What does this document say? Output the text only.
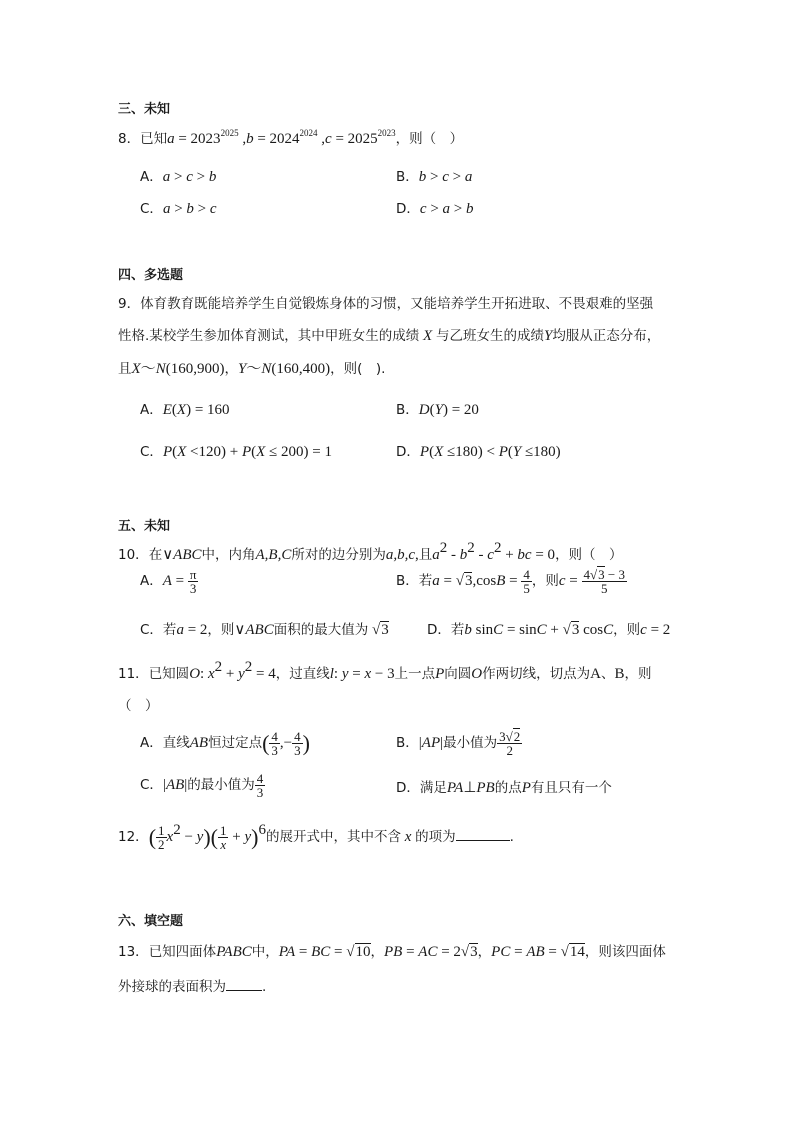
三、未知
8．已知$a = 2023^{2025}$ $,b = 2024^{2024}$ $,c = 2025^{2023}$，则（　）
A．a > c > b	B．b > c > a
C．a > b > c	D．c > a > b
四、多选题
9．体育教育既能培养学生自觉锻炼身体的习惯，又能培养学生开拓进取、不畏艰难的坚强
性格.某校学生参加体育测试，其中甲班女生的成绩 X 与乙班女生的成绩Y均服从正态分布，
且X～N(160,900)，Y～N(160,400)，则(　).
A．E(X) = 160	B．D(Y) = 20
C．P(X <120) + P(X ≤ 200) = 1	D．P(X ≤180) < P(Y ≤180)
五、未知
10．在∨ABC中，内角A,B,C所对的边分别为a,b,c,且$a^2 - b^2 - c^2$ + bc = 0，则（　）
A．$A = \frac{\pi}{3}$	B．若$a = √3,\cos B = \frac{4}{5}$ ，则$c = \frac{4√3 - 3}{5}$
C．若a = 2，则∨ABC面积的最大值为 √3	D．若b sinC = sinC + √3 cosC，则c = 2
11．已知圆O: $x^2 + y^2 = 4$，过直线l: y = x − 3上一点P向圆O作两切线，切点为A、B，则
（　）
A．直线AB恒过定点( $\frac{4}{3}$ ,− $\frac{4}{3}$ )	B．|AP|最小值为 $\frac{3√2}{2}$
C．|AB|的最小值为 $\frac{4}{3}$	D．满足PA⊥PB的点P有且只有一个
12．( $\frac{1}{2} x^2 - y)( \frac{1}{x} + y)^6$的展开式中，其中不含 x 的项为	.
六、填空题
13．已知四面体PABC中，PA = BC = √10，PB = AC = 2√3，PC = AB = √14，则该四面体
外接球的表面积为	.
